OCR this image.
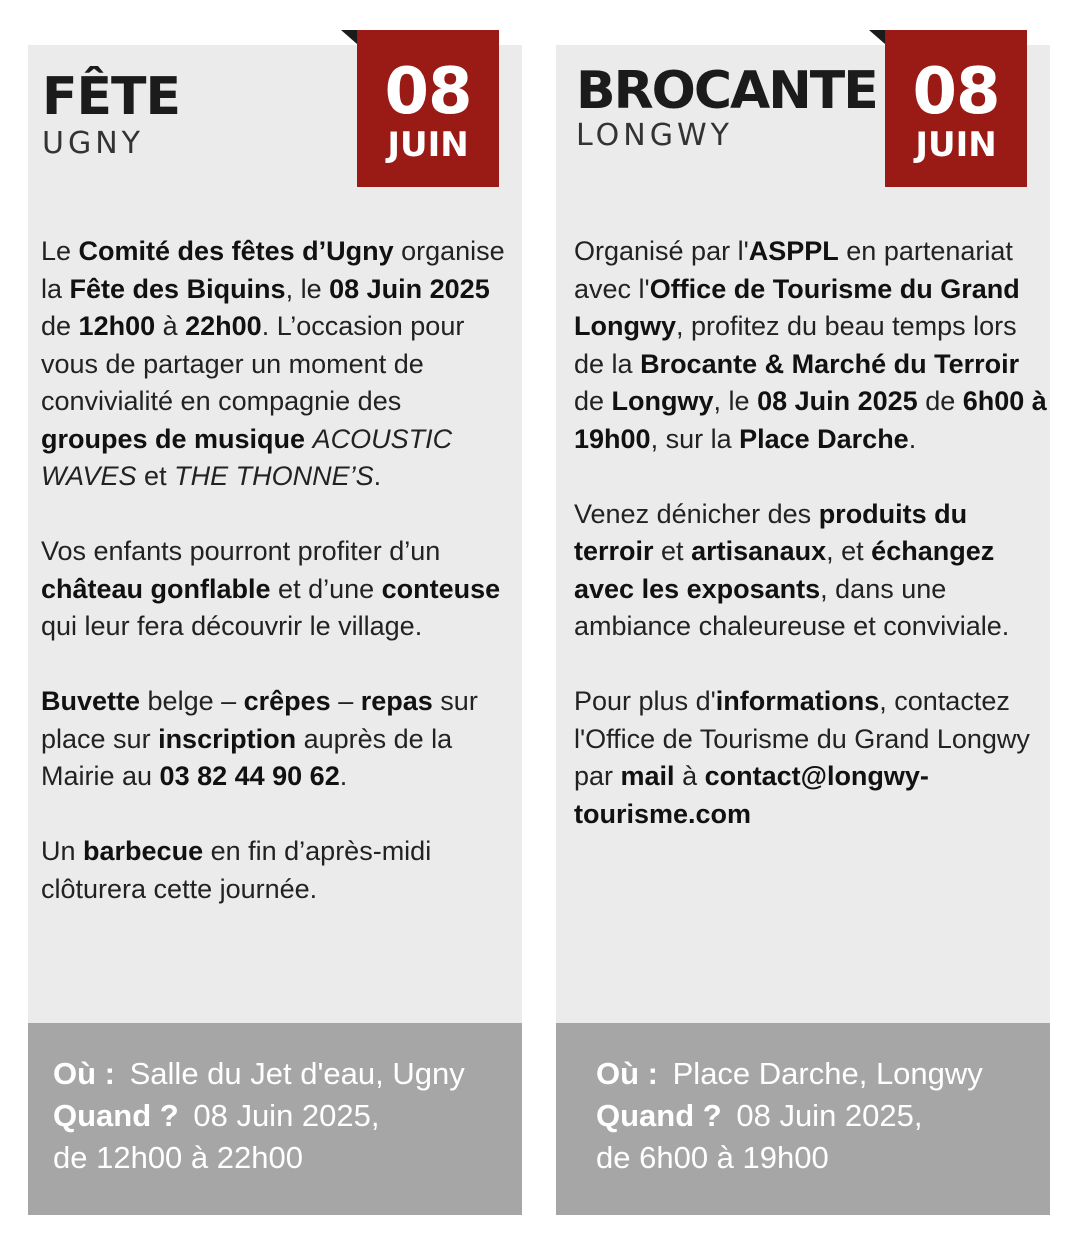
FÊTE
UGNY
08
JUIN

Le Comité des fêtes d’Ugny organise la Fête des Biquins, le 08 Juin 2025 de 12h00 à 22h00. L’occasion pour vous de partager un moment de convivialité en compagnie des groupes de musique ACOUSTIC WAVES et THE THONNE’S.

Vos enfants pourront profiter d’un château gonflable et d’une conteuse qui leur fera découvrir le village.

Buvette belge – crêpes – repas sur place sur inscription auprès de la Mairie au 03 82 44 90 62.

Un barbecue en fin d’après-midi clôturera cette journée.

Où : Salle du Jet d'eau, Ugny
Quand ? 08 Juin 2025,
de 12h00 à 22h00
BROCANTE
LONGWY
08
JUIN

Organisé par l'ASPPL en partenariat avec l'Office de Tourisme du Grand Longwy, profitez du beau temps lors de la Brocante & Marché du Terroir de Longwy, le 08 Juin 2025 de 6h00 à 19h00, sur la Place Darche.

Venez dénicher des produits du terroir et artisanaux, et échangez avec les exposants, dans une ambiance chaleureuse et conviviale.

Pour plus d'informations, contactez l'Office de Tourisme du Grand Longwy par mail à contact@longwy-tourisme.com

Où : Place Darche, Longwy
Quand ? 08 Juin 2025,
de 6h00 à 19h00
